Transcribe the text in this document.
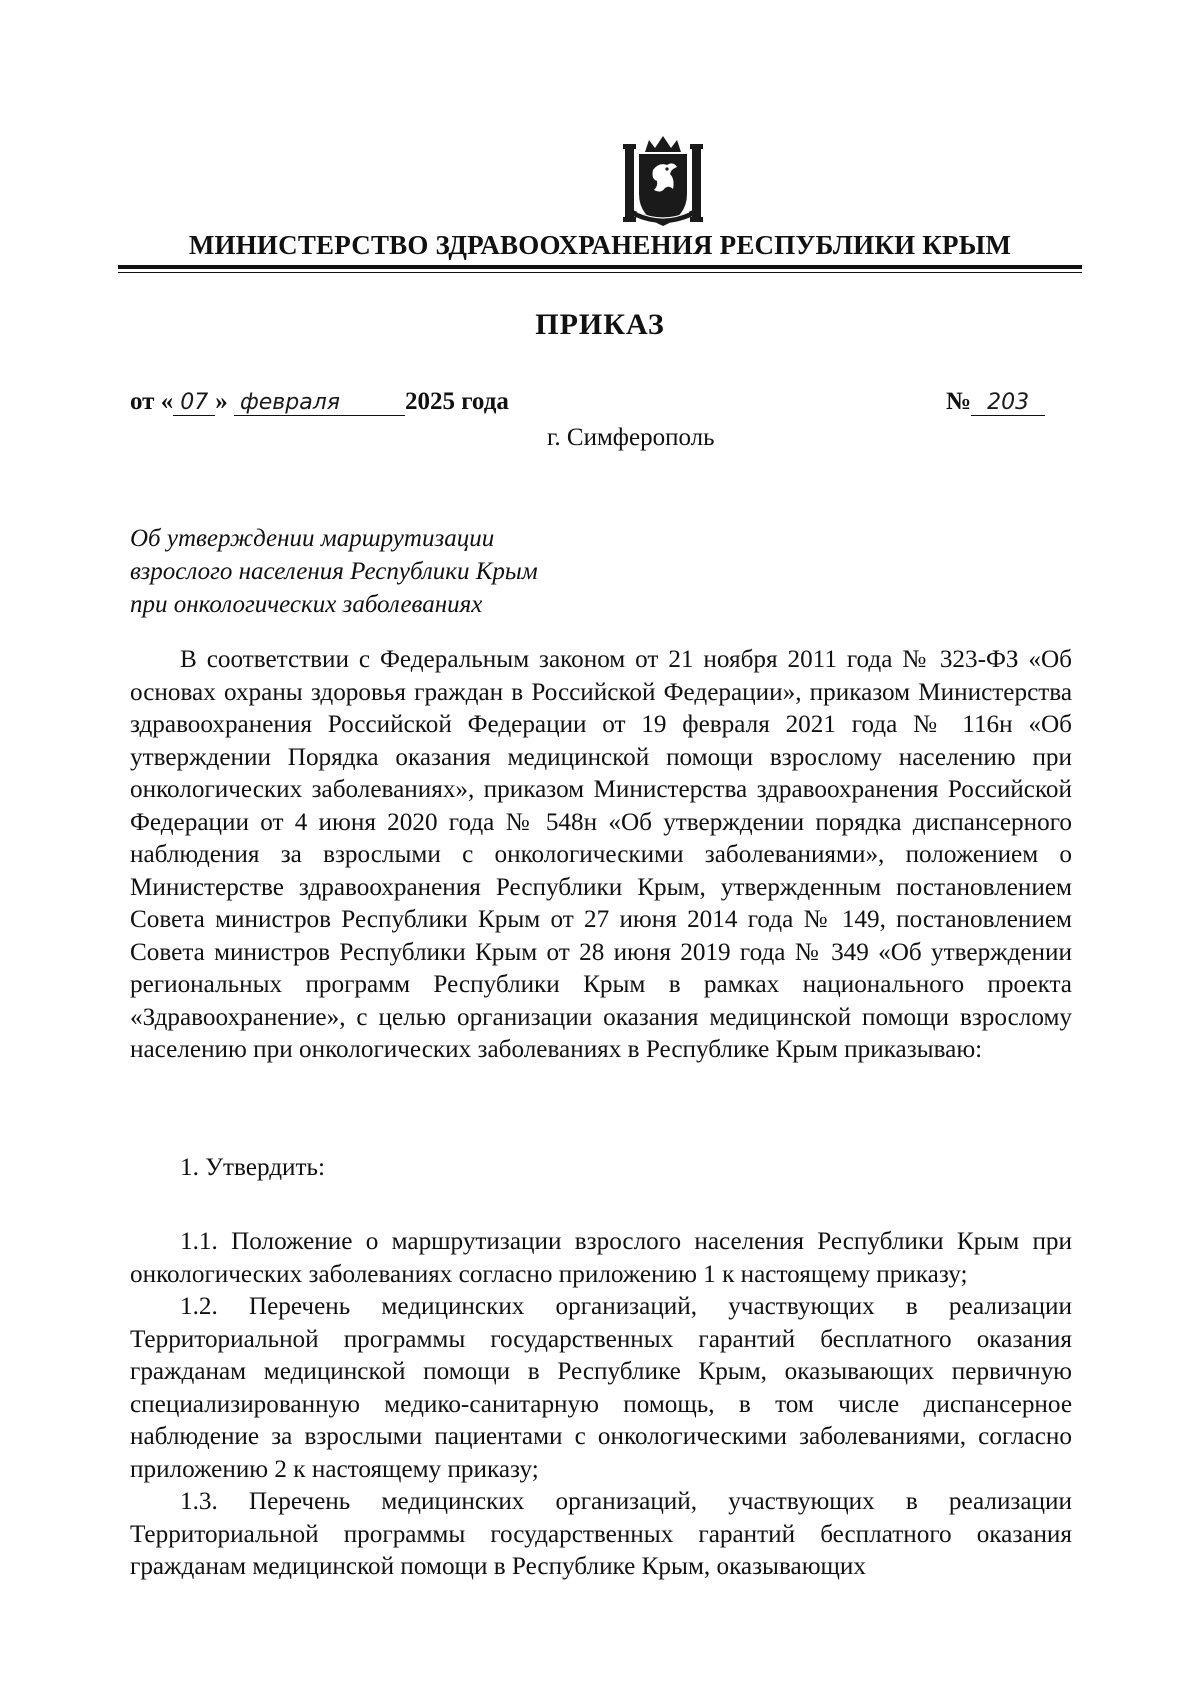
МИНИСТЕРСТВО ЗДРАВООХРАНЕНИЯ РЕСПУБЛИКИ КРЫМ
ПРИКАЗ
от « 07 » февраля	2025 года	№ 203
г. Симферополь
Об утверждении маршрутизации
взрослого населения Республики Крым
при онкологических заболеваниях

В соответствии с Федеральным законом от 21 ноября 2011 года № 323-ФЗ «Об основах охраны здоровья граждан в Российской Федерации», приказом Министерства здравоохранения Российской Федерации от 19 февраля 2021 года № 116н «Об утверждении Порядка оказания медицинской помощи взрослому населению при онкологических заболеваниях», приказом Министерства здравоохранения Российской Федерации от 4 июня 2020 года № 548н «Об утверждении порядка диспансерного наблюдения за взрослыми с онкологическими заболеваниями», положением о Министерстве здравоохранения Республики Крым, утвержденным постановлением Совета министров Республики Крым от 27 июня 2014 года № 149, постановлением Совета министров Республики Крым от 28 июня 2019 года № 349 «Об утверждении региональных программ Республики Крым в рамках национального проекта «Здравоохранение», с целью организации оказания медицинской помощи взрослому населению при онкологических заболеваниях в Республике Крым приказываю:

1. Утвердить:

1.1. Положение о маршрутизации взрослого населения Республики Крым при онкологических заболеваниях согласно приложению 1 к настоящему приказу;

1.2. Перечень медицинских организаций, участвующих в реализации Территориальной программы государственных гарантий бесплатного оказания гражданам медицинской помощи в Республике Крым, оказывающих первичную специализированную медико-санитарную помощь, в том числе диспансерное наблюдение за взрослыми пациентами с онкологическими заболеваниями, согласно приложению 2 к настоящему приказу;

1.3. Перечень медицинских организаций, участвующих в реализации Территориальной программы государственных гарантий бесплатного оказания гражданам медицинской помощи в Республике Крым, оказывающих
